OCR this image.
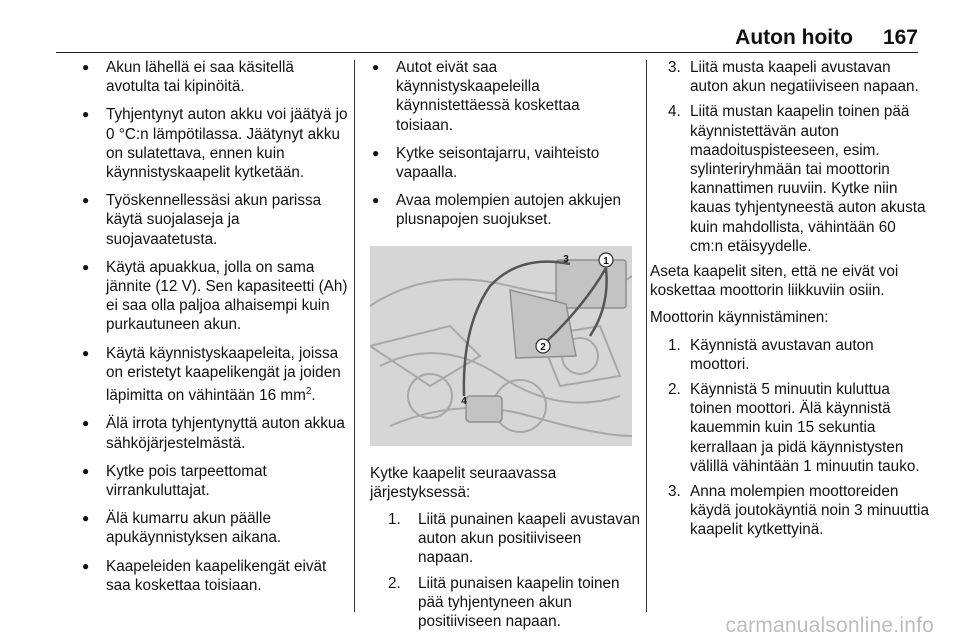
Auton hoito 167
● Akun lähellä ei saa käsitellä avotulta tai kipinöitä.
● Tyhjentynyt auton akku voi jäätyä jo 0 °C:n lämpötilassa. Jäätynyt akku on sulatettava, ennen kuin käynnistyskaapelit kytketään.
● Työskennellessäsi akun parissa käytä suojalaseja ja suojavaatetusta.
● Käytä apuakkua, jolla on sama jännite (12 V). Sen kapasiteetti (Ah) ei saa olla paljoa alhaisempi kuin purkautuneen akun.
● Käytä käynnistyskaapeleita, joissa on eristetyt kaapelikengät ja joiden läpimitta on vähintään 16 $mm^2$.
● Älä irrota tyhjentynyttä auton akkua sähköjärjestelmästä.
● Kytke pois tarpeettomat virrankuluttajat.
● Älä kumarru akun päälle apukäynnistyksen aikana.
● Kaapeleiden kaapelikengät eivät saa koskettaa toisiaan.
● Autot eivät saa käynnistyskaapeleilla käynnistettäessä koskettaa toisiaan.
● Kytke seisontajarru, vaihteisto vapaalla.
● Avaa molempien autojen akkujen plusnapojen suojukset.
1
2
3
4

Kytke kaapelit seuraavassa järjestyksessä:

1. Liitä punainen kaapeli avustavan auton akun positiiviseen napaan.
2. Liitä punaisen kaapelin toinen pää tyhjentyneen akun positiiviseen napaan.
3. Liitä musta kaapeli avustavan auton akun negatiiviseen napaan.
4. Liitä mustan kaapelin toinen pää käynnistettävän auton maadoituspisteeseen, esim. sylinteriryhmään tai moottorin kannattimen ruuviin. Kytke niin kauas tyhjentyneestä auton akusta kuin mahdollista, vähintään 60 cm:n etäisyydelle.

Aseta kaapelit siten, että ne eivät voi koskettaa moottorin liikkuviin osiin.

Moottorin käynnistäminen:

1. Käynnistä avustavan auton moottori.
2. Käynnistä 5 minuutin kuluttua toinen moottori. Älä käynnistä kauemmin kuin 15 sekuntia kerrallaan ja pidä käynnistysten välillä vähintään 1 minuutin tauko.
3. Anna molempien moottoreiden käydä joutokäyntiä noin 3 minuuttia kaapelit kytkettyinä.
carmanualsonline.info
